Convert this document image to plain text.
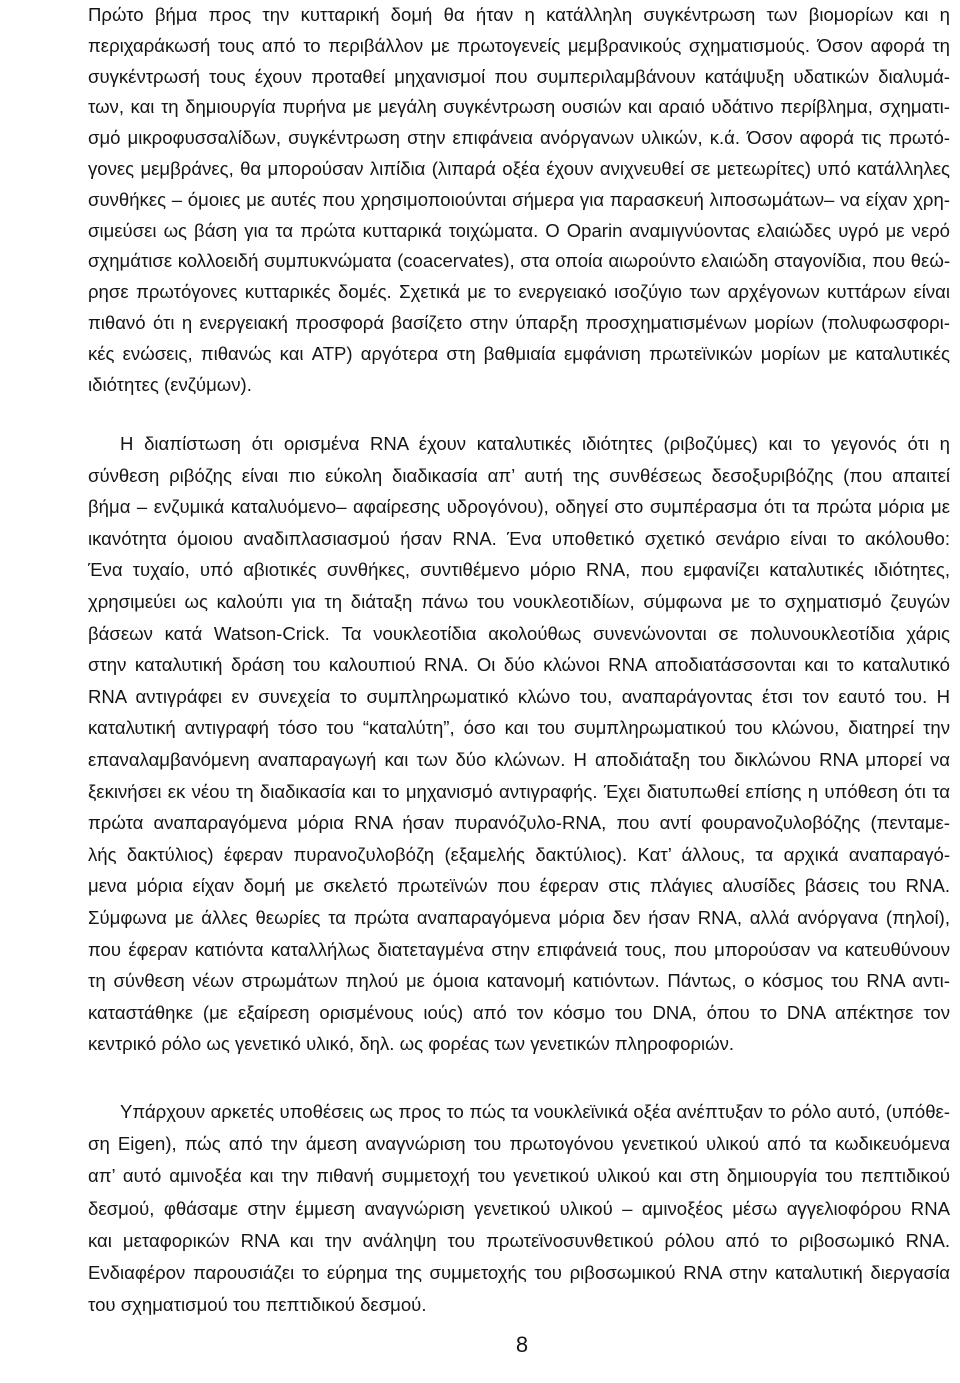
Πρώτο βήμα προς την κυτταρική δομή θα ήταν η κατάλληλη συγκέντρωση των βιομορίων και η
περιχαράκωσή τους από το περιβάλλον με πρωτογενείς μεμβρανικούς σχηματισμούς. Όσον αφορά τη
συγκέντρωσή τους έχουν προταθεί μηχανισμοί που συμπεριλαμβάνουν κατάψυξη υδατικών διαλυμά-
των, και τη δημιουργία πυρήνα με μεγάλη συγκέντρωση ουσιών και αραιό υδάτινο περίβλημα, σχηματι-
σμό μικροφυσσαλίδων, συγκέντρωση στην επιφάνεια ανόργανων υλικών, κ.ά. Όσον αφορά τις πρωτό-
γονες μεμβράνες, θα μπορούσαν λιπίδια (λιπαρά οξέα έχουν ανιχνευθεί σε μετεωρίτες) υπό κατάλληλες
συνθήκες – όμοιες με αυτές που χρησιμοποιούνται σήμερα για παρασκευή λιποσωμάτων– να είχαν χρη-
σιμεύσει ως βάση για τα πρώτα κυτταρικά τοιχώματα. Ο Oparin αναμιγνύοντας ελαιώδες υγρό με νερό
σχημάτισε κολλοειδή συμπυκνώματα (coacervates), στα οποία αιωρούντο ελαιώδη σταγονίδια, που θεώ-
ρησε πρωτόγονες κυτταρικές δομές. Σχετικά με το ενεργειακό ισοζύγιο των αρχέγονων κυττάρων είναι
πιθανό ότι η ενεργειακή προσφορά βασίζετο στην ύπαρξη προσχηματισμένων μορίων (πολυφωσφορι-
κές ενώσεις, πιθανώς και ATP) αργότερα στη βαθμιαία εμφάνιση πρωτεϊνικών μορίων με καταλυτικές
ιδιότητες (ενζύμων).
Η διαπίστωση ότι ορισμένα RNA έχουν καταλυτικές ιδιότητες (ριβοζύμες) και το γεγονός ότι η
σύνθεση ριβόζης είναι πιο εύκολη διαδικασία απ’ αυτή της συνθέσεως δεσοξυριβόζης (που απαιτεί
βήμα – ενζυμικά καταλυόμενο– αφαίρεσης υδρογόνου), οδηγεί στο συμπέρασμα ότι τα πρώτα μόρια με
ικανότητα όμοιου αναδιπλασιασμού ήσαν RNA. Ένα υποθετικό σχετικό σενάριο είναι το ακόλουθο:
Ένα τυχαίο, υπό αβιοτικές συνθήκες, συντιθέμενο μόριο RNA, που εμφανίζει καταλυτικές ιδιότητες,
χρησιμεύει ως καλούπι για τη διάταξη πάνω του νουκλεοτιδίων, σύμφωνα με το σχηματισμό ζευγών
βάσεων κατά Watson-Crick. Τα νουκλεοτίδια ακολούθως συνενώνονται σε πολυνουκλεοτίδια χάρις
στην καταλυτική δράση του καλουπιού RNA. Οι δύο κλώνοι RNA αποδιατάσσονται και το καταλυτικό
RNA αντιγράφει εν συνεχεία το συμπληρωματικό κλώνο του, αναπαράγοντας έτσι τον εαυτό του. Η
καταλυτική αντιγραφή τόσο του “καταλύτη”, όσο και του συμπληρωματικού του κλώνου, διατηρεί την
επαναλαμβανόμενη αναπαραγωγή και των δύο κλώνων. Η αποδιάταξη του δικλώνου RNA μπορεί να
ξεκινήσει εκ νέου τη διαδικασία και το μηχανισμό αντιγραφής. Έχει διατυπωθεί επίσης η υπόθεση ότι τα
πρώτα αναπαραγόμενα μόρια RNA ήσαν πυρανόζυλο-RNA, που αντί φουρανοζυλοβόζης (πενταμε-
λής δακτύλιος) έφεραν πυρανοζυλοβόζη (εξαμελής δακτύλιος). Κατ’ άλλους, τα αρχικά αναπαραγό-
μενα μόρια είχαν δομή με σκελετό πρωτεϊνών που έφεραν στις πλάγιες αλυσίδες βάσεις του RNA.
Σύμφωνα με άλλες θεωρίες τα πρώτα αναπαραγόμενα μόρια δεν ήσαν RNA, αλλά ανόργανα (πηλοί),
που έφεραν κατιόντα καταλλήλως διατεταγμένα στην επιφάνειά τους, που μπορούσαν να κατευθύνουν
τη σύνθεση νέων στρωμάτων πηλού με όμοια κατανομή κατιόντων. Πάντως, ο κόσμος του RNA αντι-
καταστάθηκε (με εξαίρεση ορισμένους ιούς) από τον κόσμο του DNA, όπου το DNA απέκτησε τον
κεντρικό ρόλο ως γενετικό υλικό, δηλ. ως φορέας των γενετικών πληροφοριών.
Υπάρχουν αρκετές υποθέσεις ως προς το πώς τα νουκλεϊνικά οξέα ανέπτυξαν το ρόλο αυτό, (υπόθε-
ση Eigen), πώς από την άμεση αναγνώριση του πρωτογόνου γενετικού υλικού από τα κωδικευόμενα
απ’ αυτό αμινοξέα και την πιθανή συμμετοχή του γενετικού υλικού και στη δημιουργία του πεπτιδικού
δεσμού, φθάσαμε στην έμμεση αναγνώριση γενετικού υλικού – αμινοξέος μέσω αγγελιοφόρου RNA
και μεταφορικών RNA και την ανάληψη του πρωτεϊνοσυνθετικού ρόλου από το ριβοσωμικό RNA.
Ενδιαφέρον παρουσιάζει το εύρημα της συμμετοχής του ριβοσωμικού RNA στην καταλυτική διεργασία
του σχηματισμού του πεπτιδικού δεσμού.
8
